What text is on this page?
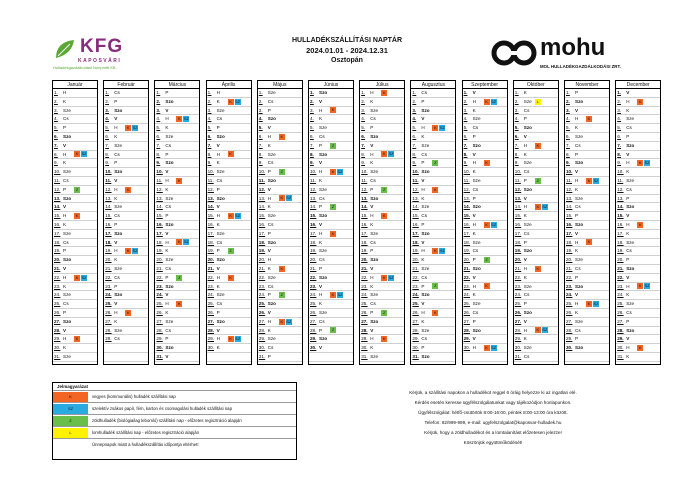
KFG
KAPOSVÁRI
Hulladékgazdálkodási Nonprofit Kft.
HULLADÉKSZÁLLÍTÁSI NAPTÁR
2024.01.01 - 2024.12.31
Osztopán	mohu
MOL HULLADÉKGAZDÁLKODÁSI ZRT.
Január
1. H
2. K
3. Sze
4. Cs
5. P
6. Szo
7. V
8. H K SZ
9. K
10. Sze
11. Cs
12. P Z
13. Szo
14. V
15. H K
16. K
17. Sze
18. Cs
19. P
20. Szo
21. V
22. H K SZ
23. K
24. Sze
25. Cs
26. P
27. Szo
28. V
29. H K
30. K
31. Sze
Február
1. Cs
2. P
3. Szo
4. V
5. H K SZ
6. K
7. Sze
8. Cs
9. P
10. Szo
11. V
12. H K
13. K
14. Sze
15. Cs
16. P
17. Szo
18. V
19. H K SZ
20. K
21. Sze
22. Cs
23. P
24. Szo
25. V
26. H K
27. K
28. Sze
29. Cs
Március
1. P
2. Szo
3. V
4. H K SZ
5. K
6. Sze
7. Cs
8. P
9. Szo
10. V
11. H K
12. K
13. Sze
14. Cs
15. P
16. Szo
17. V
18. H K SZ
19. K
20. Sze
21. Cs
22. P Z
23. Szo
24. V
25. H K
26. K
27. Sze
28. Cs
29. P
30. Szo
31. V
Április
1. H
2. K K SZ
3. Sze
4. Cs
5. P
6. Szo
7. V
8. H K
9. K
10. Sze
11. Cs
12. P
13. Szo
14. V
15. H K SZ
16. K
17. Sze
18. Cs
19. P Z
20. Szo
21. V
22. H K
23. K
24. Sze
25. Cs
26. P
27. Szo
28. V
29. H K SZ
30. K
Május
1. Sze
2. Cs
3. P
4. Szo
5. V
6. H K
7. K
8. Sze
9. Cs
10. P Z
11. Szo
12. V
13. H K SZ
14. K
15. Sze
16. Cs
17. P
18. Szo
19. V
20. H
21. K K
22. Sze
23. Cs
24. P Z
25. Szo
26. V
27. H K SZ
28. K
29. Sze
30. Cs
31. P
Június
1. Szo
2. V
3. H K
4. K
5. Sze
6. Cs
7. P Z
8. Szo
9. V
10. H K SZ
11. K
12. Sze
13. Cs
14. P Z
15. Szo
16. V
17. H K
18. K
19. Sze
20. Cs
21. P
22. Szo
23. V
24. H K SZ
25. K
26. Sze
27. Cs
28. P Z
29. Szo
30. V
Július
1. H K
2. K
3. Sze
4. Cs
5. P
6. Szo
7. V
8. H K SZ
9. K
10. Sze
11. Cs
12. P Z
13. Szo
14. V
15. H K
16. K
17. Sze
18. Cs
19. P
20. Szo
21. V
22. H K SZ
23. K
24. Sze
25. Cs
26. P Z
27. Szo
28. V
29. H K
30. K
31. Sze
Augusztus
1. Cs
2. P
3. Szo
4. V
5. H K SZ
6. K
7. Sze
8. Cs
9. P Z
10. Szo
11. V
12. H K
13. K
14. Sze
15. Cs
16. P
17. Szo
18. V
19. H K SZ
20. K
21. Sze
22. Cs
23. P Z
24. Szo
25. V
26. H K
27. K
28. Sze
29. Cs
30. P
31. Szo
Szeptember
1. V
2. H K SZ
3. K
4. Sze
5. Cs
6. P
7. Szo
8. V
9. H K
10. K
11. Sze
12. Cs
13. P
14. Szo
15. V
16. H K SZ
17. K
18. Sze
19. Cs
20. P Z
21. Szo
22. V
23. H K
24. K
25. Sze
26. Cs
27. P
28. Szo
29. V
30. H K SZ
Október
1. K
2. Sze L
3. Cs
4. P
5. Szo
6. V
7. H K
8. K
9. Sze
10. Cs
11. P Z
12. Szo
13. V
14. H K SZ
15. K
16. Sze
17. Cs
18. P
19. Szo
20. V
21. H K
22. K
23. Sze
24. Cs
25. P
26. Szo
27. V
28. H K SZ
29. K
30. Sze
31. Cs
November
1. P
2. Szo
3. V
4. H K
5. K
6. Sze
7. Cs
8. P
9. Szo
10. V
11. H K SZ
12. K
13. Sze
14. Cs
15. P
16. Szo
17. V
18. H K
19. K
20. Sze
21. Cs
22. P
23. Szo
24. V
25. H K SZ
26. K
27. Sze
28. Cs
29. P
30. Szo
December
1. V
2. H K
3. K
4. Sze
5. Cs
6. P
7. Szo
8. V
9. H K SZ
10. K
11. Sze
12. Cs
13. P
14. Szo
15. V
16. H K
17. K
18. Sze
19. Cs
20. P
21. Szo
22. V
23. H K SZ
24. K
25. Sze
26. Cs
27. P
28. Szo
29. V
30. H K
31. K
Jelmagyarázat
K	vegyes (kommunális) hulladék szállítási nap
SZ	szelektív zsákos papír, fém, karton és csomagolási hulladék szállítási nap
Z	zöldhulladék (biológiailag lebomló) szállítási nap - előzetes regisztráció alapján
L	lomhulladék szállítási nap - előzetes regisztráció alapján
Ünnepnapok miatt a hulladékszállítás időpontja eltérhet!
Kérjük, a szállítási napokon a hulladékot reggel 6 óráig helyezze ki az ingatlan elé.
Kérdés esetén keresse ügyfélszolgálatunkat vagy tájékozódjon honlapunkon.
Ügyfélszolgálat: hétfő-csütörtök 8:00-16:00, péntek 8:00-13:00 óra között.
Telefon: 82/999-999, e-mail: ugyfelszolgalat@kaposvar-hulladek.hu
Kérjük, hogy a zöldhulladékot és a lomtalanítást előzetesen jelezze!
Köszönjük együttműködését!
